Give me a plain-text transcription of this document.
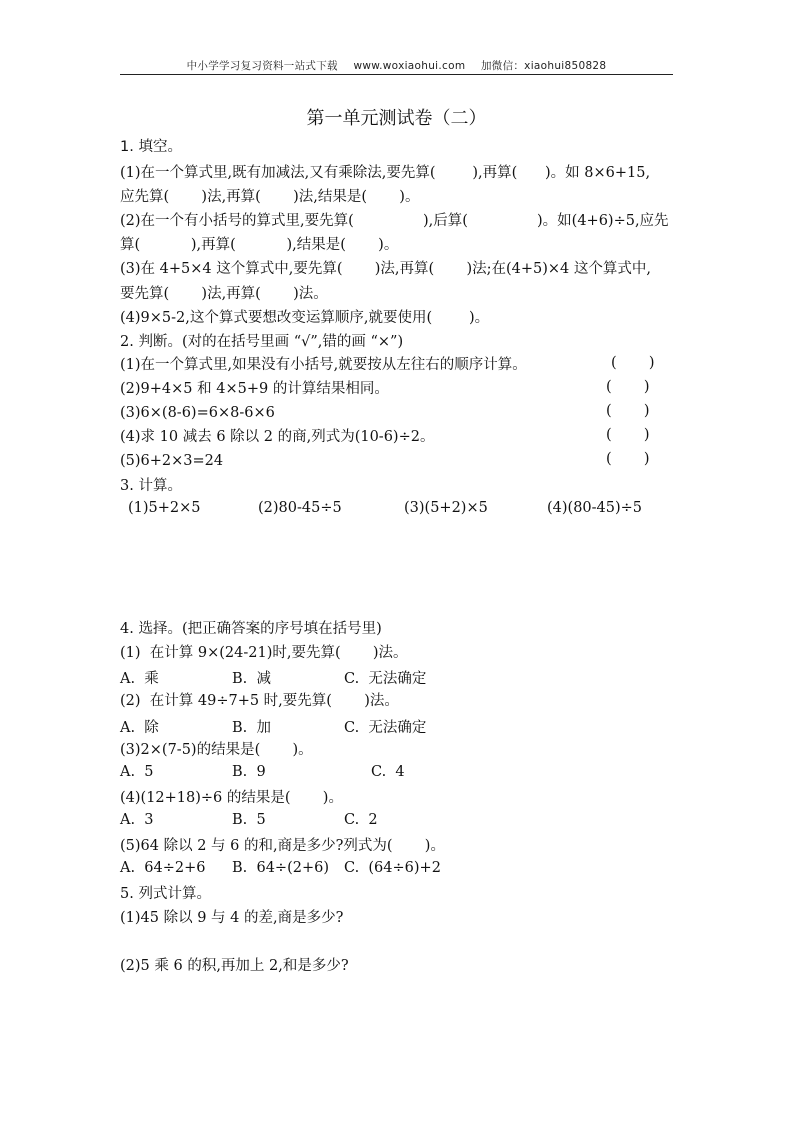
中小学学习复习资料一站式下载 www.woxiaohui.com 加微信：xiaohui850828
第一单元测试卷（二）
1. 填空。
(1)在一个算式里,既有加减法,又有乘除法,要先算(        ),再算(      )。如 8×6+15,
应先算(       )法,再算(       )法,结果是(       )。
(2)在一个有小括号的算式里,要先算(               ),后算(               )。如(4+6)÷5,应先
算(           ),再算(           ),结果是(       )。
(3)在 4+5×4 这个算式中,要先算(       )法,再算(       )法;在(4+5)×4 这个算式中,
要先算(       )法,再算(       )法。
(4)9×5-2,这个算式要想改变运算顺序,就要使用(        )。
2. 判断。(对的在括号里画 “√”,错的画 “×”)
(1)在一个算式里,如果没有小括号,就要按从左往右的顺序计算。	(       )
(2)9+4×5 和 4×5+9 的计算结果相同。	(       )
(3)6×(8-6)=6×8-6×6	(       )
(4)求 10 减去 6 除以 2 的商,列式为(10-6)÷2。	(       )
(5)6+2×3=24	(       )
3. 计算。
(1)5+2×5	(2)80-45÷5	(3)(5+2)×5	(4)(80-45)÷5
4. 选择。(把正确答案的序号填在括号里)
(1)  在计算 9×(24-21)时,要先算(       )法。
A.  乘	B.  减	C.  无法确定
(2)  在计算 49÷7+5 时,要先算(       )法。
A.  除	B.  加	C.  无法确定
(3)2×(7-5)的结果是(       )。
A.  5	B.  9	C.  4
(4)(12+18)÷6 的结果是(       )。
A.  3	B.  5	C.  2
(5)64 除以 2 与 6 的和,商是多少?列式为(       )。
A.  64÷2+6 B.  64÷(2+6) C.  (64÷6)+2
5. 列式计算。
(1)45 除以 9 与 4 的差,商是多少?
(2)5 乘 6 的积,再加上 2,和是多少?
